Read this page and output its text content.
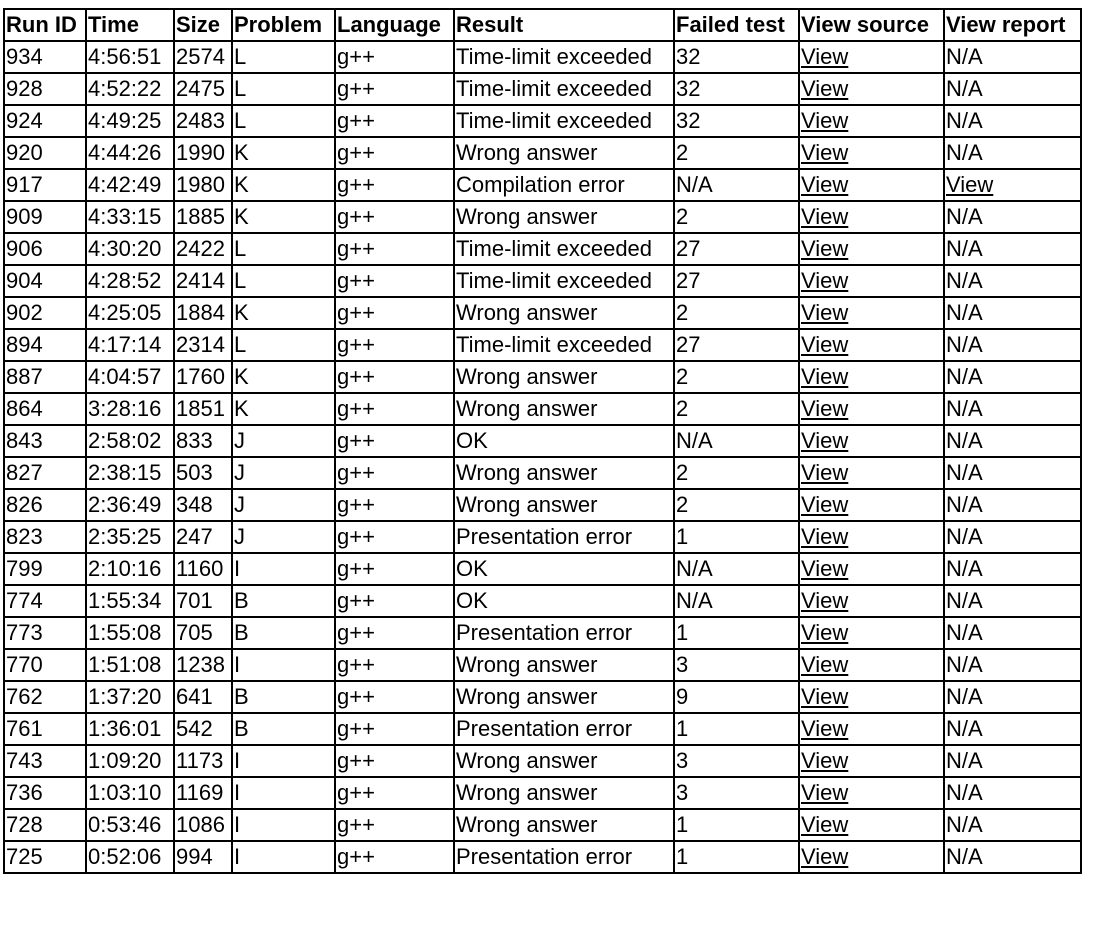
Run ID	Time	Size	Problem	Language	Result	Failed test	View source	View report
934	4:56:51	2574	L	g++	Time-limit exceeded	32	View	N/A
928	4:52:22	2475	L	g++	Time-limit exceeded	32	View	N/A
924	4:49:25	2483	L	g++	Time-limit exceeded	32	View	N/A
920	4:44:26	1990	K	g++	Wrong answer	2	View	N/A
917	4:42:49	1980	K	g++	Compilation error	N/A	View	View
909	4:33:15	1885	K	g++	Wrong answer	2	View	N/A
906	4:30:20	2422	L	g++	Time-limit exceeded	27	View	N/A
904	4:28:52	2414	L	g++	Time-limit exceeded	27	View	N/A
902	4:25:05	1884	K	g++	Wrong answer	2	View	N/A
894	4:17:14	2314	L	g++	Time-limit exceeded	27	View	N/A
887	4:04:57	1760	K	g++	Wrong answer	2	View	N/A
864	3:28:16	1851	K	g++	Wrong answer	2	View	N/A
843	2:58:02	833	J	g++	OK	N/A	View	N/A
827	2:38:15	503	J	g++	Wrong answer	2	View	N/A
826	2:36:49	348	J	g++	Wrong answer	2	View	N/A
823	2:35:25	247	J	g++	Presentation error	1	View	N/A
799	2:10:16	1160	I	g++	OK	N/A	View	N/A
774	1:55:34	701	B	g++	OK	N/A	View	N/A
773	1:55:08	705	B	g++	Presentation error	1	View	N/A
770	1:51:08	1238	I	g++	Wrong answer	3	View	N/A
762	1:37:20	641	B	g++	Wrong answer	9	View	N/A
761	1:36:01	542	B	g++	Presentation error	1	View	N/A
743	1:09:20	1173	I	g++	Wrong answer	3	View	N/A
736	1:03:10	1169	I	g++	Wrong answer	3	View	N/A
728	0:53:46	1086	I	g++	Wrong answer	1	View	N/A
725	0:52:06	994	I	g++	Presentation error	1	View	N/A
